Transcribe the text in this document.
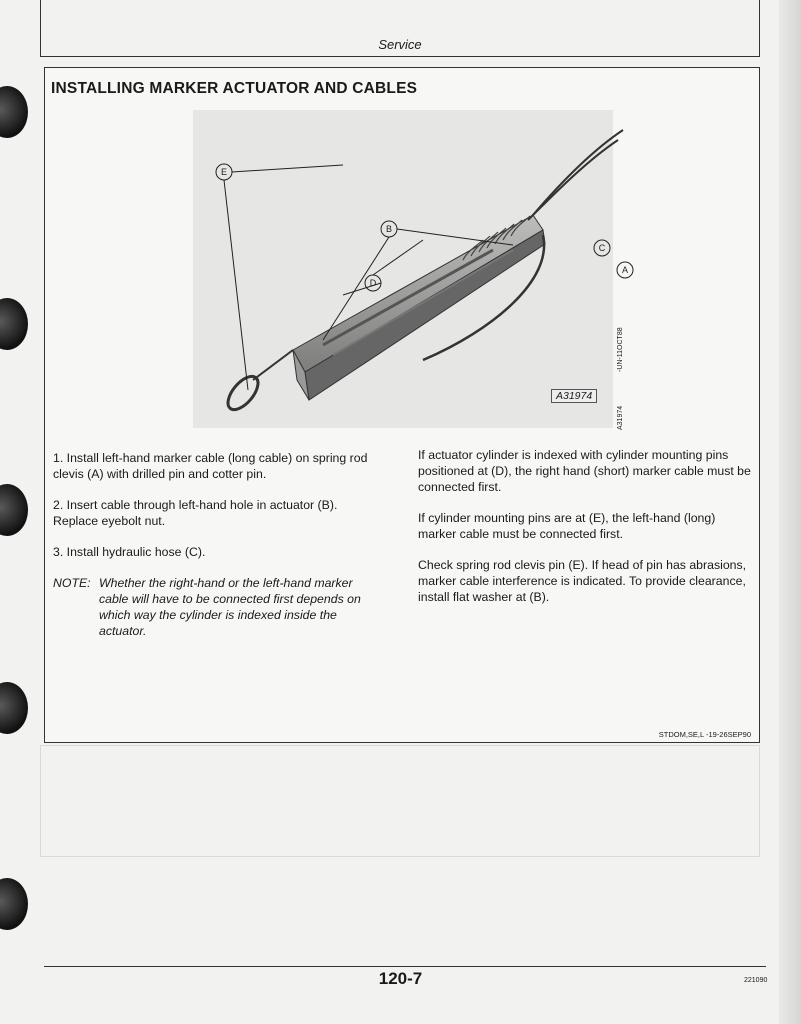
Service
INSTALLING MARKER ACTUATOR AND CABLES
A
B
C
D
E
A31974
-UN-11OCT88
A31974

1. Install left-hand marker cable (long cable) on spring rod clevis (A) with drilled pin and cotter pin.

2. Insert cable through left-hand hole in actuator (B). Replace eyebolt nut.

3. Install hydraulic hose (C).

NOTE: Whether the right-hand or the left-hand marker cable will have to be connected first depends on which way the cylinder is indexed inside the actuator.

If actuator cylinder is indexed with cylinder mounting pins positioned at (D), the right hand (short) marker cable must be connected first.

If cylinder mounting pins are at (E), the left-hand (long) marker cable must be connected first.

Check spring rod clevis pin (E). If head of pin has abrasions, marker cable interference is indicated. To provide clearance, install flat washer at (B).

STDOM,SE,L -19-26SEP90
120-7	221090
